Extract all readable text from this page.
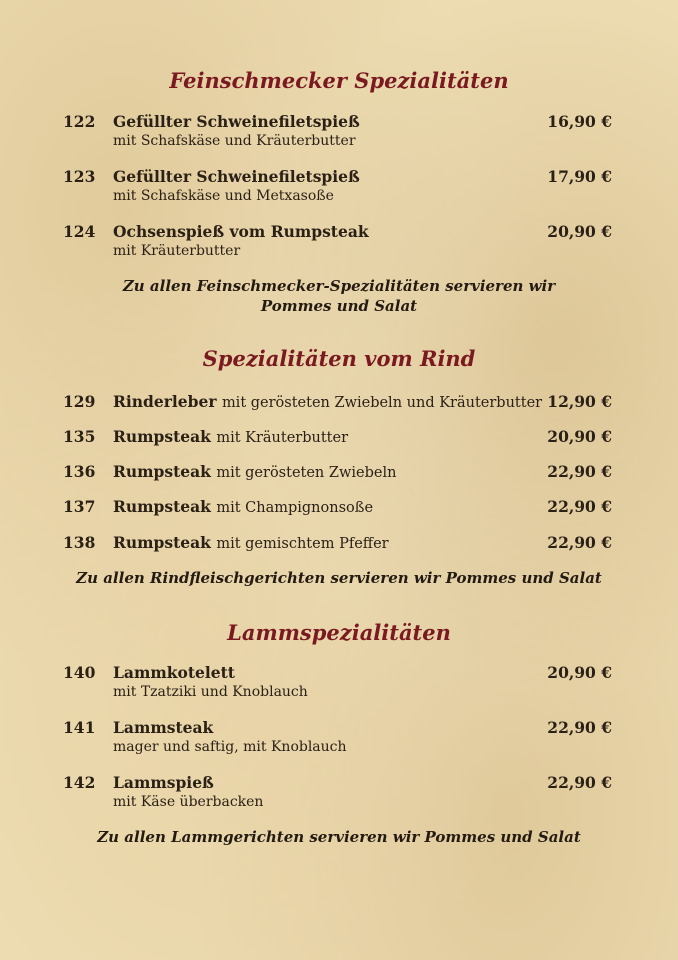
Feinschmecker Spezialitäten
122 Gefüllter Schweinefiletspieß	16,90 €
mit Schafskäse und Kräuterbutter
123 Gefüllter Schweinefiletspieß	17,90 €
mit Schafskäse und Metxasoße
124 Ochsenspieß vom Rumpsteak	20,90 €
mit Kräuterbutter
Zu allen Feinschmecker-Spezialitäten servieren wir
Pommes und Salat
Spezialitäten vom Rind
129 Rinderleber mit gerösteten Zwiebeln und Kräuterbutter 12,90 €
135 Rumpsteak mit Kräuterbutter	20,90 €
136 Rumpsteak mit gerösteten Zwiebeln	22,90 €
137 Rumpsteak mit Champignonsoße	22,90 €
138 Rumpsteak mit gemischtem Pfeffer	22,90 €
Zu allen Rindfleischgerichten servieren wir Pommes und Salat
Lammspezialitäten
140 Lammkotelett	20,90 €
mit Tzatziki und Knoblauch
141 Lammsteak	22,90 €
mager und saftig, mit Knoblauch
142 Lammspieß	22,90 €
mit Käse überbacken
Zu allen Lammgerichten servieren wir Pommes und Salat
